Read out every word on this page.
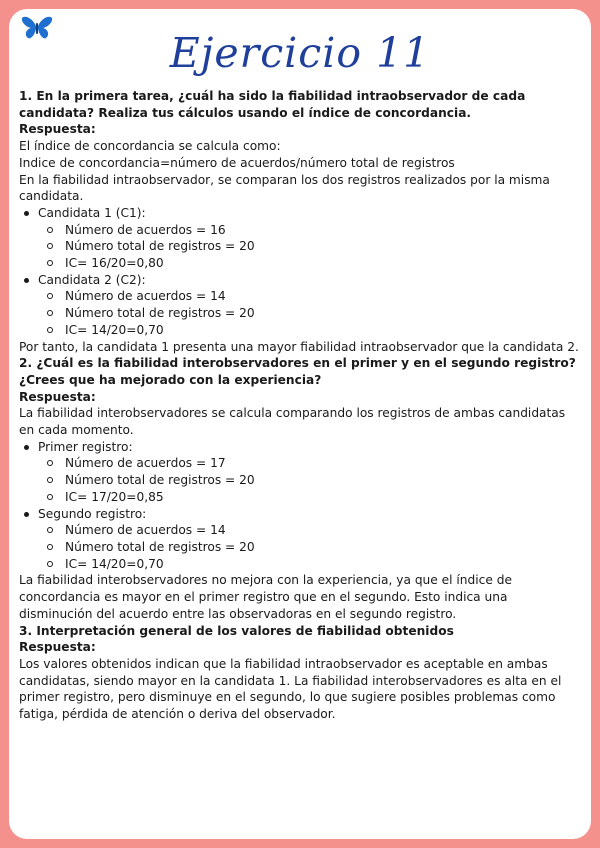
Ejercicio 11

1. En la primera tarea, ¿cuál ha sido la fiabilidad intraobservador de cada candidata? Realiza tus cálculos usando el índice de concordancia.

Respuesta:

El índice de concordancia se calcula como:

Indice de concordancia=número de acuerdos/número total de registros

En la fiabilidad intraobservador, se comparan los dos registros realizados por la misma candidata.

Candidata 1 (C1):
Número de acuerdos = 16
Número total de registros = 20
IC= 16/20=0,80
Candidata 2 (C2):
Número de acuerdos = 14
Número total de registros = 20
IC= 14/20=0,70

Por tanto, la candidata 1 presenta una mayor fiabilidad intraobservador que la candidata 2.

2. ¿Cuál es la fiabilidad interobservadores en el primer y en el segundo registro? ¿Crees que ha mejorado con la experiencia?

Respuesta:

La fiabilidad interobservadores se calcula comparando los registros de ambas candidatas en cada momento.

Primer registro:
Número de acuerdos = 17
Número total de registros = 20
IC= 17/20=0,85
Segundo registro:
Número de acuerdos = 14
Número total de registros = 20
IC= 14/20=0,70

La fiabilidad interobservadores no mejora con la experiencia, ya que el índice de concordancia es mayor en el primer registro que en el segundo. Esto indica una disminución del acuerdo entre las observadoras en el segundo registro.

3. Interpretación general de los valores de fiabilidad obtenidos

Respuesta:

Los valores obtenidos indican que la fiabilidad intraobservador es aceptable en ambas candidatas, siendo mayor en la candidata 1. La fiabilidad interobservadores es alta en el primer registro, pero disminuye en el segundo, lo que sugiere posibles problemas como fatiga, pérdida de atención o deriva del observador.
